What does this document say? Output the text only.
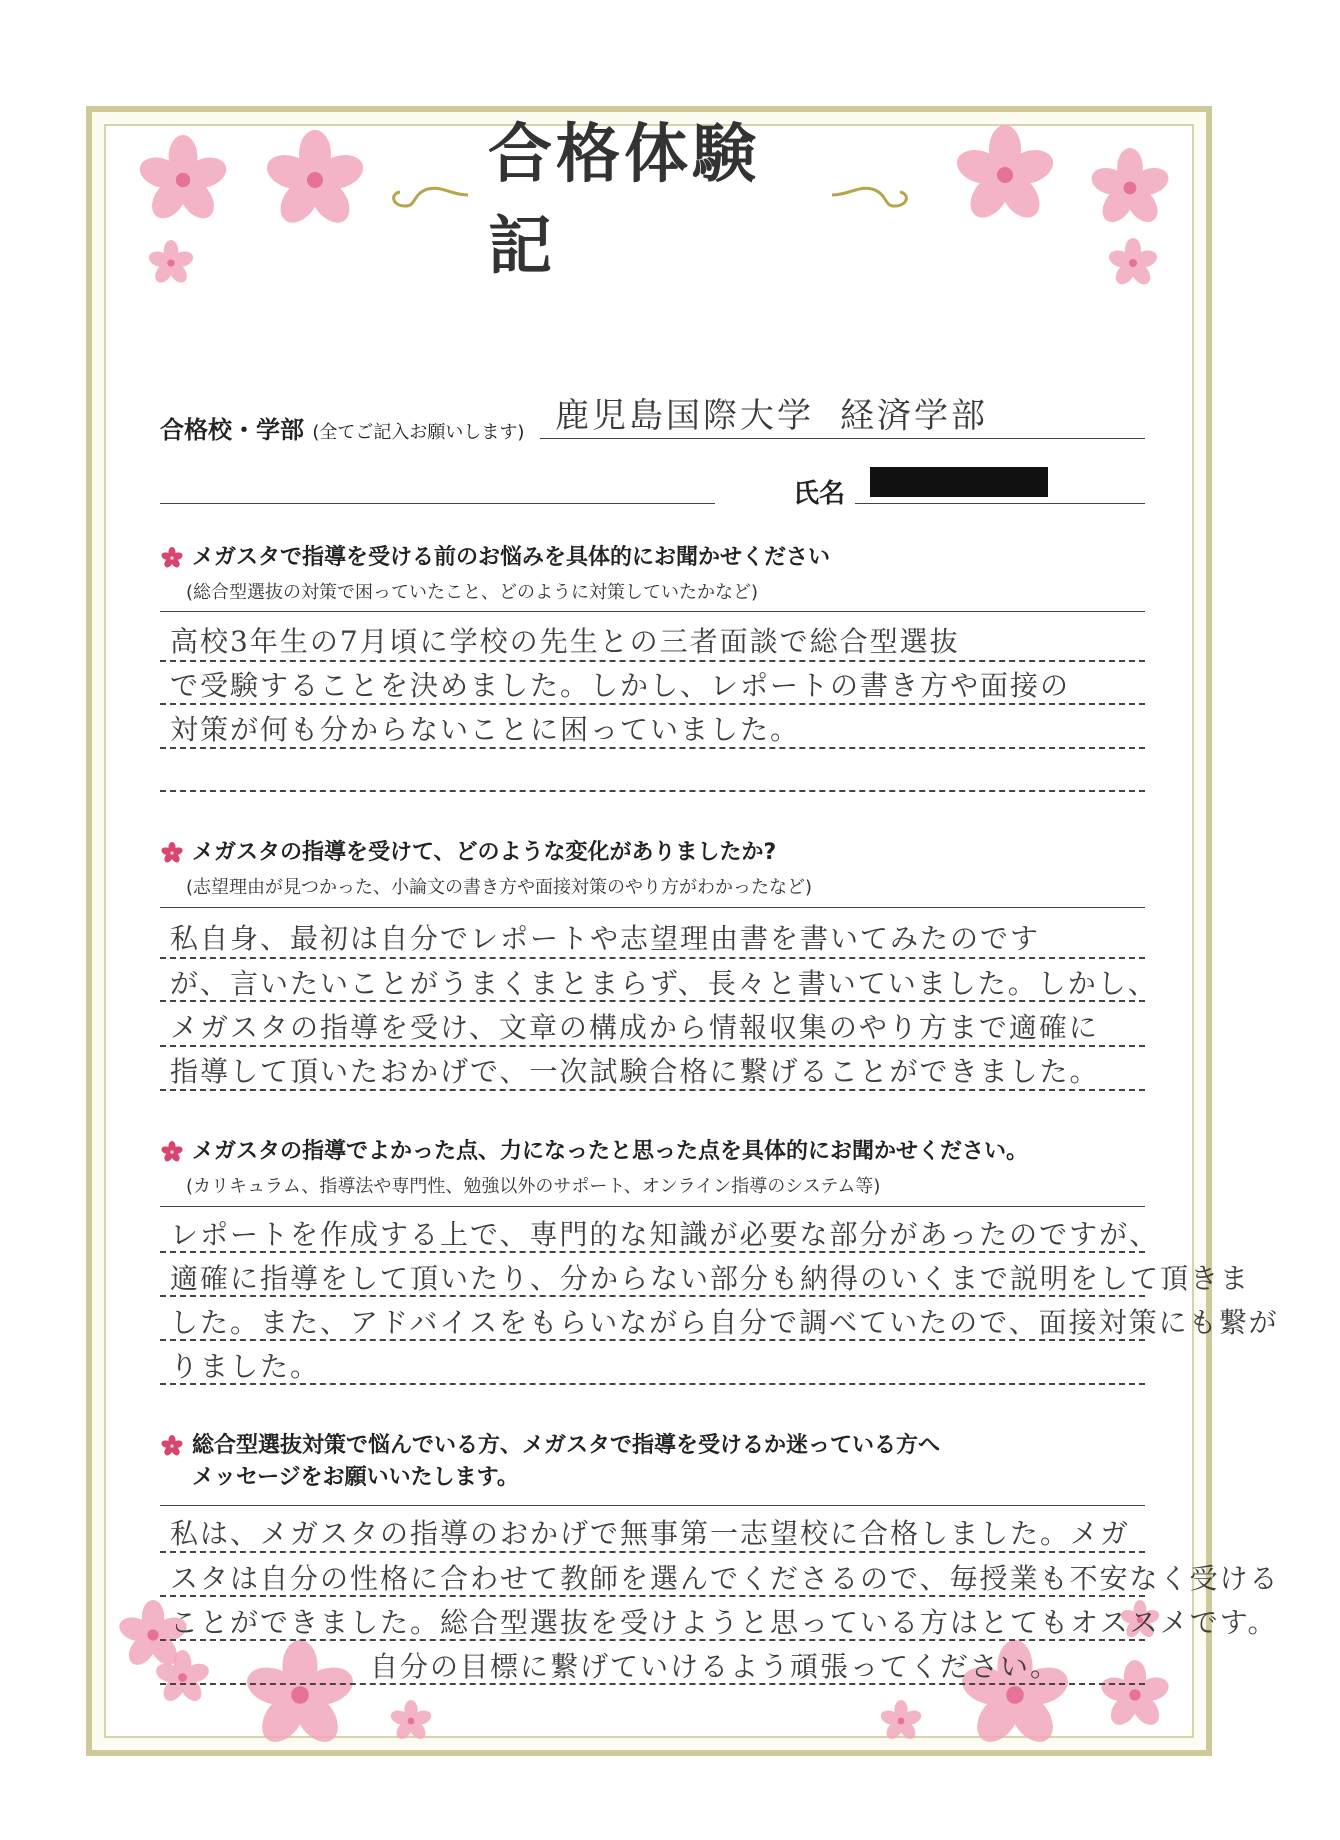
合格体験記
合格校・学部 (全てご記入お願いします) 鹿児島国際大学 経済学部
氏名
メガスタで指導を受ける前のお悩みを具体的にお聞かせください
(総合型選抜の対策で困っていたこと、どのように対策していたかなど)
高校3年生の7月頃に学校の先生との三者面談で総合型選抜
で受験することを決めました。しかし、レポートの書き方や面接の
対策が何も分からないことに困っていました。
メガスタの指導を受けて、どのような変化がありましたか?
(志望理由が見つかった、小論文の書き方や面接対策のやり方がわかったなど)
私自身、最初は自分でレポートや志望理由書を書いてみたのです
が、言いたいことがうまくまとまらず、長々と書いていました。しかし、
メガスタの指導を受け、文章の構成から情報収集のやり方まで適確に
指導して頂いたおかげで、一次試験合格に繋げることができました。
メガスタの指導でよかった点、力になったと思った点を具体的にお聞かせください。
(カリキュラム、指導法や専門性、勉強以外のサポート、オンライン指導のシステム等)
レポートを作成する上で、専門的な知識が必要な部分があったのですが、
適確に指導をして頂いたり、分からない部分も納得のいくまで説明をして頂きま
した。また、アドバイスをもらいながら自分で調べていたので、面接対策にも繋が
りました。
総合型選抜対策で悩んでいる方、メガスタで指導を受けるか迷っている方へ
メッセージをお願いいたします。
私は、メガスタの指導のおかげで無事第一志望校に合格しました。メガ
スタは自分の性格に合わせて教師を選んでくださるので、毎授業も不安なく受ける
ことができました。総合型選抜を受けようと思っている方はとてもオススメです。
自分の目標に繋げていけるよう頑張ってください。
